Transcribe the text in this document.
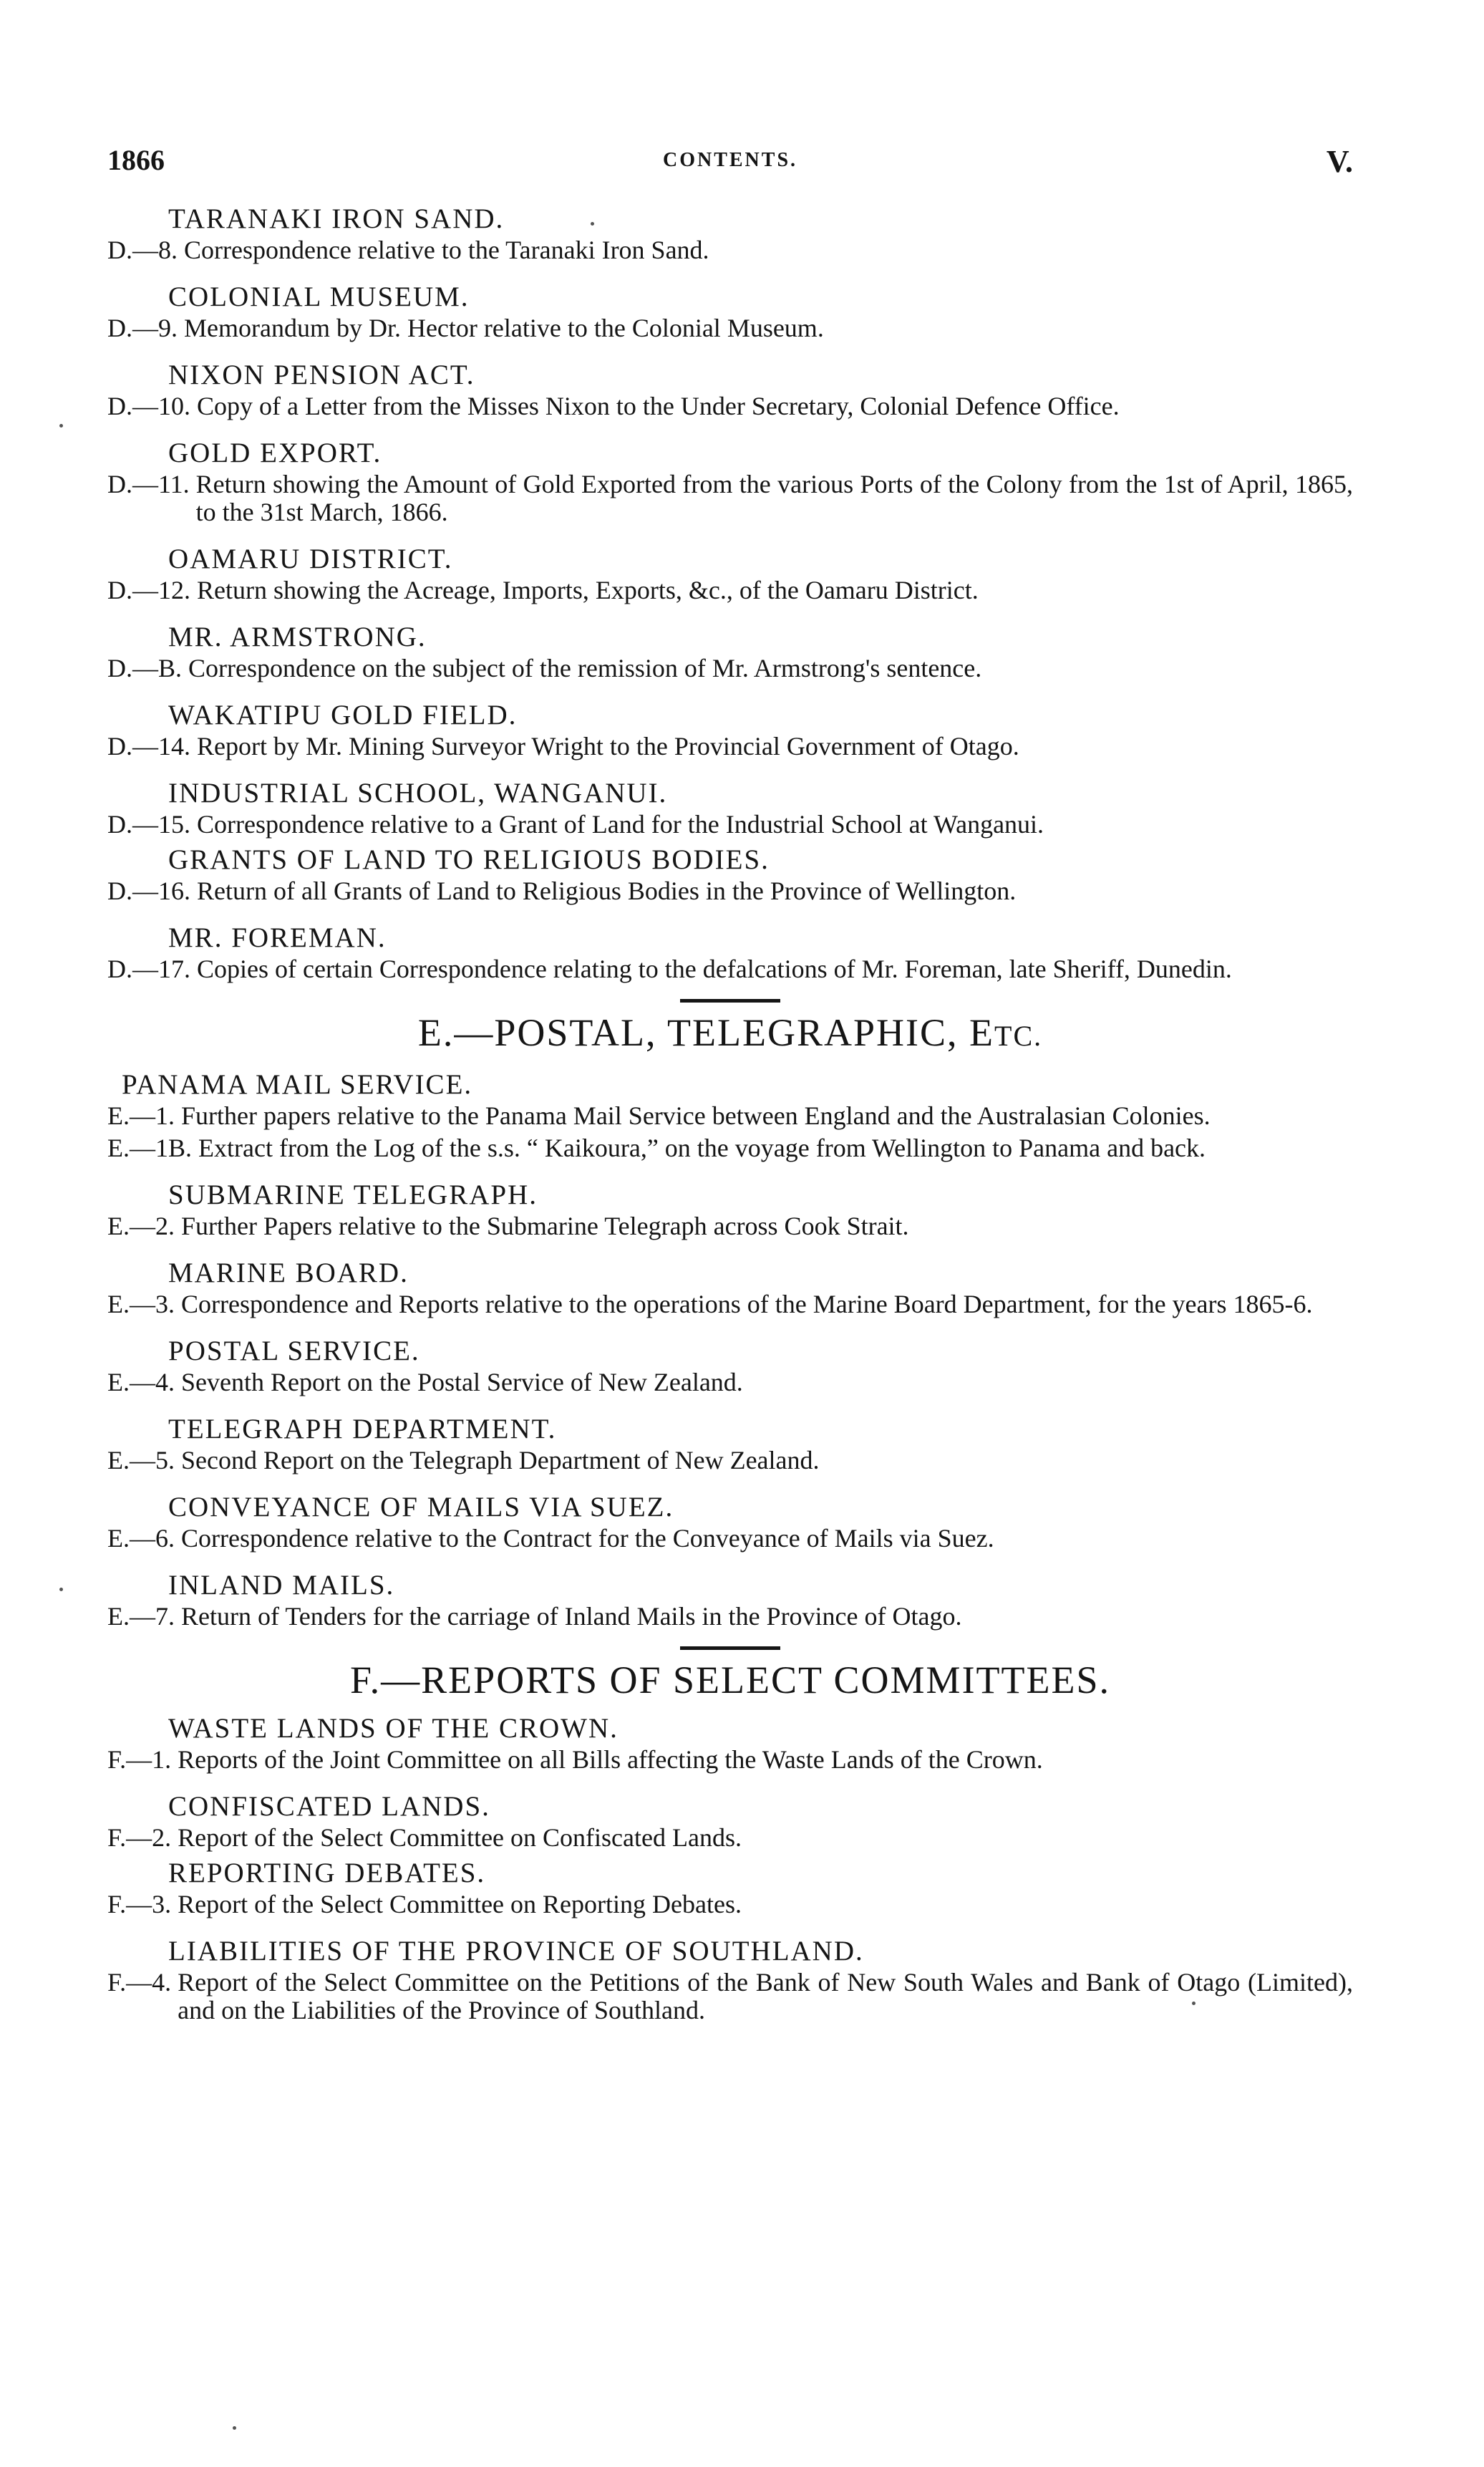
1866	CONTENTS.	V.

TARANAKI IRON SAND.

D.—8. Correspondence relative to the Taranaki Iron Sand.

COLONIAL MUSEUM.

D.—9. Memorandum by Dr. Hector relative to the Colonial Museum.

NIXON PENSION ACT.

D.—10. Copy of a Letter from the Misses Nixon to the Under Secretary, Colonial Defence Office.

GOLD EXPORT.

D.—11. Return showing the Amount of Gold Exported from the various Ports of the Colony from the 1st of April, 1865, to the 31st March, 1866.

OAMARU DISTRICT.

D.—12. Return showing the Acreage, Imports, Exports, &c., of the Oamaru District.

MR. ARMSTRONG.

D.—B. Correspondence on the subject of the remission of Mr. Armstrong's sentence.

WAKATIPU GOLD FIELD.

D.—14. Report by Mr. Mining Surveyor Wright to the Provincial Government of Otago.

INDUSTRIAL SCHOOL, WANGANUI.

D.—15. Correspondence relative to a Grant of Land for the Industrial School at Wanganui.

GRANTS OF LAND TO RELIGIOUS BODIES.

D.—16. Return of all Grants of Land to Religious Bodies in the Province of Wellington.

MR. FOREMAN.

D.—17. Copies of certain Correspondence relating to the defalcations of Mr. Foreman, late Sheriff, Dunedin.

E.—POSTAL, TELEGRAPHIC, ETC.

PANAMA MAIL SERVICE.

E.—1. Further papers relative to the Panama Mail Service between England and the Australasian Colonies.
E.—1B. Extract from the Log of the s.s. “ Kaikoura,” on the voyage from Wellington to Panama and back.

SUBMARINE TELEGRAPH.

E.—2. Further Papers relative to the Submarine Telegraph across Cook Strait.

MARINE BOARD.

E.—3. Correspondence and Reports relative to the operations of the Marine Board Department, for the years 1865-6.

POSTAL SERVICE.

E.—4. Seventh Report on the Postal Service of New Zealand.

TELEGRAPH DEPARTMENT.

E.—5. Second Report on the Telegraph Department of New Zealand.

CONVEYANCE OF MAILS VIA SUEZ.

E.—6. Correspondence relative to the Contract for the Conveyance of Mails via Suez.

INLAND MAILS.

E.—7. Return of Tenders for the carriage of Inland Mails in the Province of Otago.

F.—REPORTS OF SELECT COMMITTEES.

WASTE LANDS OF THE CROWN.

F.—1. Reports of the Joint Committee on all Bills affecting the Waste Lands of the Crown.

CONFISCATED LANDS.

F.—2. Report of the Select Committee on Confiscated Lands.

REPORTING DEBATES.

F.—3. Report of the Select Committee on Reporting Debates.

LIABILITIES OF THE PROVINCE OF SOUTHLAND.

F.—4. Report of the Select Committee on the Petitions of the Bank of New South Wales and Bank of Otago (Limited), and on the Liabilities of the Province of Southland.
